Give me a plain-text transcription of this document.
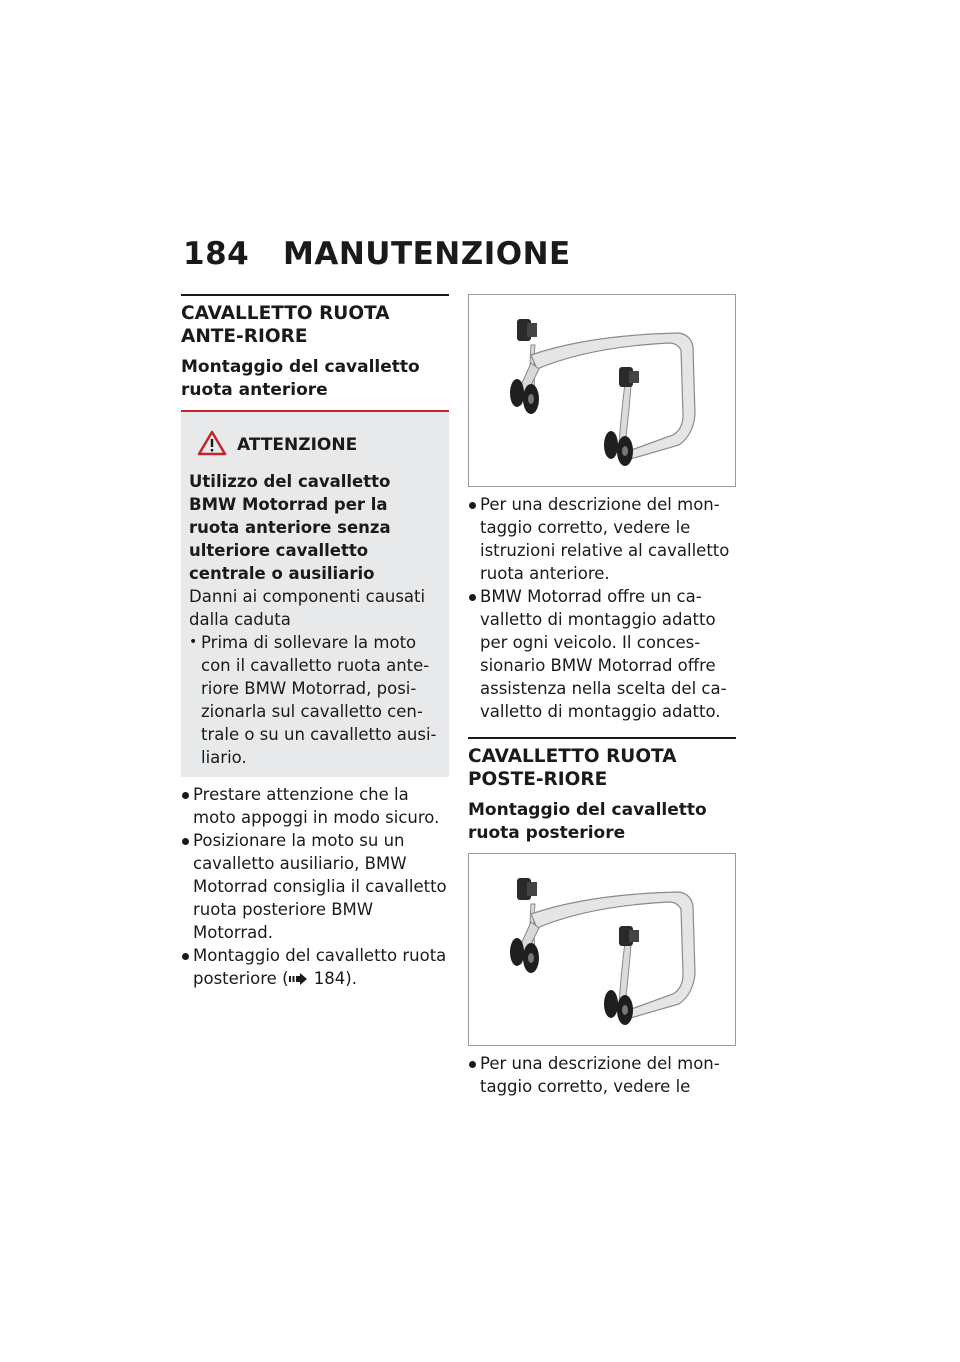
184 MANUTENZIONE
CAVALLETTO RUOTA ANTE-RIORE
Montaggio del cavalletto ruota anteriore
ATTENZIONE
Utilizzo del cavalletto BMW Motorrad per la ruota anteriore senza ulteriore cavalletto centrale o ausiliario

Danni ai componenti causati dalla caduta

• Prima di sollevare la moto con il cavalletto ruota ante-riore BMW Motorrad, posi-zionarla sul cavalletto cen-trale o su un cavalletto ausi-liario.
Prestare attenzione che la moto appoggi in modo sicuro.
Posizionare la moto su un cavalletto ausiliario, BMW Motorrad consiglia il cavalletto ruota posteriore BMW Motorrad.
Montaggio del cavalletto ruota posteriore ( 184).
Per una descrizione del mon-taggio corretto, vedere le istruzioni relative al cavalletto ruota anteriore.
BMW Motorrad offre un ca-valletto di montaggio adatto per ogni veicolo. Il conces-sionario BMW Motorrad offre assistenza nella scelta del ca-valletto di montaggio adatto.
CAVALLETTO RUOTA POSTE-RIORE
Montaggio del cavalletto ruota posteriore
Per una descrizione del mon-taggio corretto, vedere le
